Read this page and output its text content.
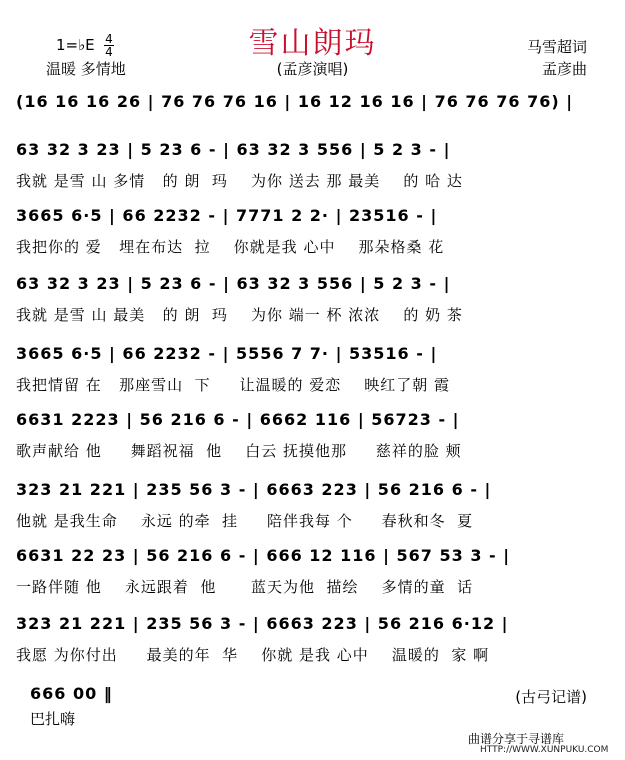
雪山朗玛
1=♭E 4
4
温暖 多情地	(孟彦演唱)
马雪超词
孟彦曲

(16 16 16 26 | 76 76 76 16 | 16 12 16 16 | 76 76 76 76) |

63 32 3 23 | 5 23 6 - | 63 32 3 556 | 5 2 3 - |

我就 是雪 山 多情   的 朗  玛    为你 送去 那 最美    的 哈 达

3665 6·5 | 66 2232 - | 7771 2 2· | 23516 - |

我把你的 爱   埋在布达  拉    你就是我 心中    那朵格桑 花

63 32 3 23 | 5 23 6 - | 63 32 3 556 | 5 2 3 - |

我就 是雪 山 最美   的 朗  玛    为你 端一 杯 浓浓    的 奶 茶

3665 6·5 | 66 2232 - | 5556 7 7· | 53516 - |

我把情留 在   那座雪山  下     让温暖的 爱恋    映红了朝 霞

6631 2223 | 56 216 6 - | 6662 116 | 56723 - |

歌声献给 他     舞蹈祝福  他    白云 抚摸他那     慈祥的脸 颊

323 21 221 | 235 56 3 - | 6663 223 | 56 216 6 - |

他就 是我生命    永远 的牵  挂     陪伴我每 个     春秋和冬  夏

6631 22 23 | 56 216 6 - | 666 12 116 | 567 53 3 - |

一路伴随 他    永远跟着  他      蓝天为他  描绘    多情的童  话

323 21 221 | 235 56 3 - | 6663 223 | 56 216 6·12 |

我愿 为你付出     最美的年  华    你就 是我 心中    温暖的  家 啊

666 00 ‖
巴扎嗨
(古弓记谱)
曲谱分享于寻谱库
HTTP://WWW.XUNPUKU.COM
